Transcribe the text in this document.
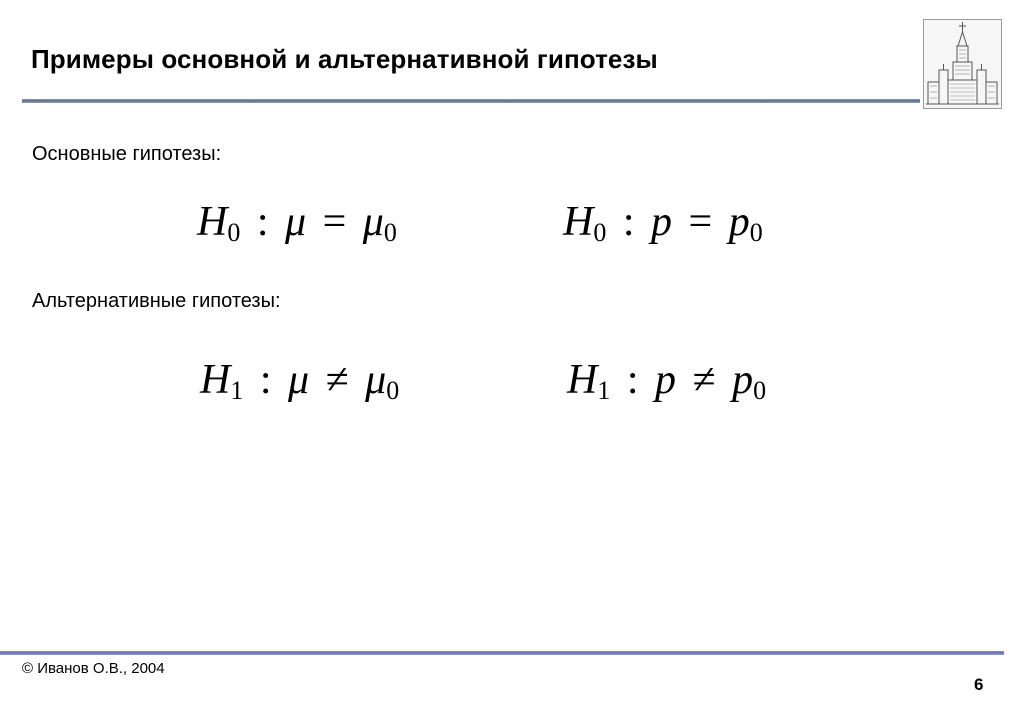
Примеры основной и альтернативной гипотезы
Основные гипотезы:
$H_0$ : $\mu = \mu_0$	$H_0$ : $p = p_0$
Альтернативные гипотезы:
$H_1$ : $\mu \ne \mu_0$	$H_1$ : $p \ne p_0$
© Иванов О.В., 2004
6
